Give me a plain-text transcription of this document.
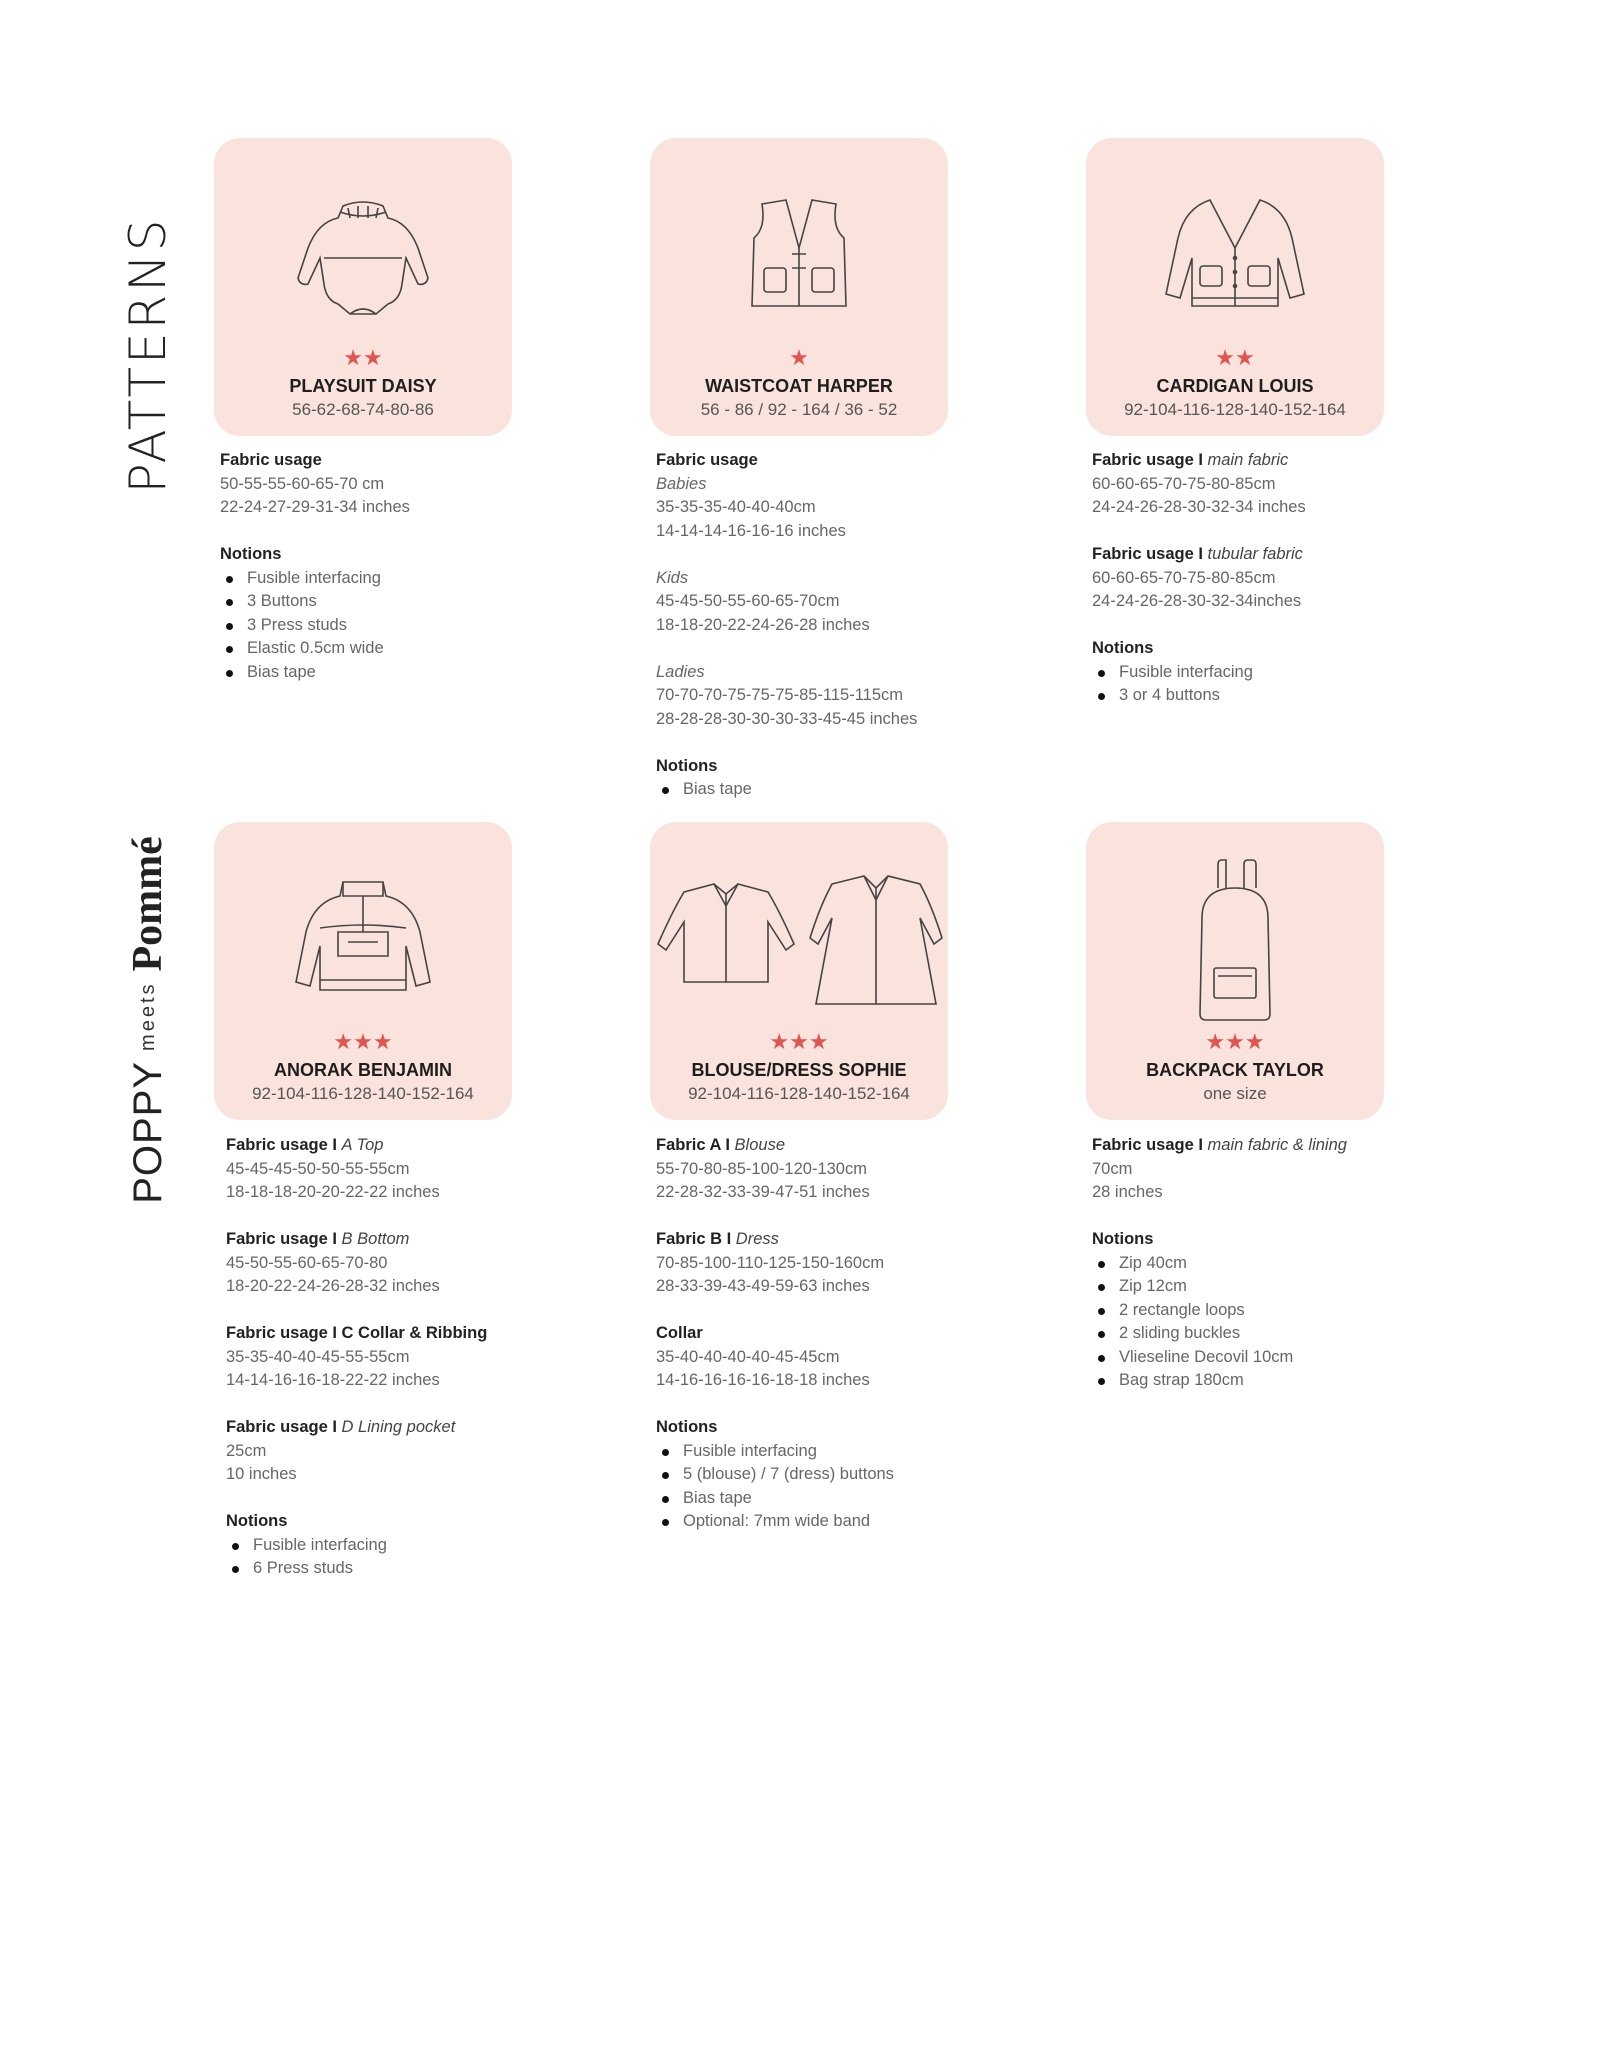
PATTERNS
POPPY
meets
Pommé
★★
PLAYSUIT DAISY
56-62-68-74-80-86
Fabric usage
50-55-55-60-65-70 cm
22-24-27-29-31-34 inches
Notions
Fusible interfacing
3 Buttons
3 Press studs
Elastic 0.5cm wide
Bias tape
★
WAISTCOAT HARPER
56 - 86 / 92 - 164 / 36 - 52
Fabric usage
Babies
35-35-35-40-40-40cm
14-14-14-16-16-16 inches
Kids
45-45-50-55-60-65-70cm
18-18-20-22-24-26-28 inches
Ladies
70-70-70-75-75-75-85-115-115cm
28-28-28-30-30-30-33-45-45 inches
Notions
Bias tape
★★
CARDIGAN LOUIS
92-104-116-128-140-152-164
Fabric usage I main fabric
60-60-65-70-75-80-85cm
24-24-26-28-30-32-34 inches
Fabric usage I tubular fabric
60-60-65-70-75-80-85cm
24-24-26-28-30-32-34inches
Notions
Fusible interfacing
3 or 4 buttons
★★★
ANORAK BENJAMIN
92-104-116-128-140-152-164
Fabric usage I A Top
45-45-45-50-50-55-55cm
18-18-18-20-20-22-22 inches
Fabric usage I B Bottom
45-50-55-60-65-70-80
18-20-22-24-26-28-32 inches
Fabric usage I C Collar & Ribbing
35-35-40-40-45-55-55cm
14-14-16-16-18-22-22 inches
Fabric usage I D Lining pocket
25cm
10 inches
Notions
Fusible interfacing
6 Press studs
★★★
BLOUSE/DRESS SOPHIE
92-104-116-128-140-152-164
Fabric A I Blouse
55-70-80-85-100-120-130cm
22-28-32-33-39-47-51 inches
Fabric B I Dress
70-85-100-110-125-150-160cm
28-33-39-43-49-59-63 inches
Collar
35-40-40-40-40-45-45cm
14-16-16-16-16-18-18 inches
Notions
Fusible interfacing
5 (blouse) / 7 (dress) buttons
Bias tape
Optional: 7mm wide band
★★★
BACKPACK TAYLOR
one size
Fabric usage I main fabric & lining
70cm
28 inches
Notions
Zip 40cm
Zip 12cm
2 rectangle loops
2 sliding buckles
Vlieseline Decovil 10cm
Bag strap 180cm
